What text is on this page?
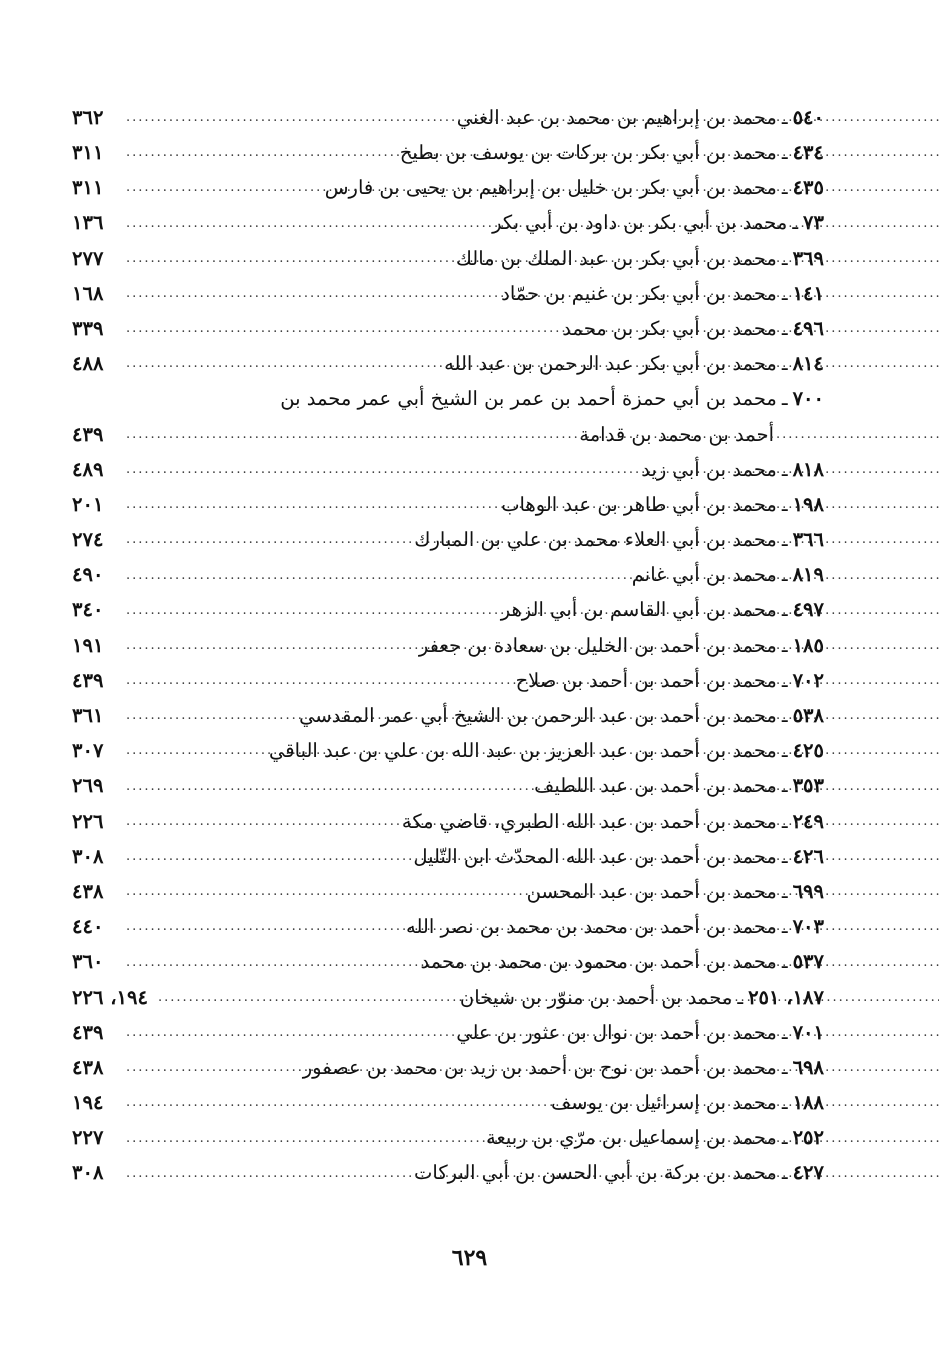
٥٤٠
ـ
محمد بن إبراهيم بن محمد بن عبد الغني
.....
٣٦٢
٤٣٤
ـ
محمد بن أبي بكر بن بركات بن يوسف بن بطيخ
.....
٣١١
٤٣٥
ـ
محمد بن أبي بكر بن خليل بن إبراهيم بن يحيى بن فارس
.....
٣١١
٧٣
ـ
محمد بن أبي بكر بن داود بن أبي بكر
.....
١٣٦
٣٦٩
ـ
محمد بن أبي بكر بن عبد الملك بن مالك
.....
٢٧٧
١٤١
ـ
محمد بن أبي بكر بن غنيم بن حمّاد
.....
١٦٨
٤٩٦
ـ
محمد بن أبي بكر بن محمد
.....
٣٣٩
٨١٤
ـ
محمد بن أبي بكر عبد الرحمن بن عبد الله
.....
٤٨٨
٧٠٠
ـ
محمد بن أبي حمزة أحمد بن عمر بن الشيخ أبي عمر محمد بن
أحمد بن محمد بن قدامة
.....
٤٣٩
٨١٨
ـ
محمد بن أبي زيد
.....
٤٨٩
١٩٨
ـ
محمد بن أبي طاهر بن عبد الوهاب
.....
٢٠١
٣٦٦
ـ
محمد بن أبي العلاء محمد بن علي بن المبارك
.....
٢٧٤
٨١٩
ـ
محمد بن أبي غانم
.....
٤٩٠
٤٩٧
ـ
محمد بن أبي القاسم بن أبي الزهر
.....
٣٤٠
١٨٥
ـ
محمد بن أحمد بن الخليل بن سعادة بن جعفر
.....
١٩١
٧٠٢
ـ
محمد بن أحمد بن أحمد بن صلاح
.....
٤٣٩
٥٣٨
ـ
محمد بن أحمد بن عبد الرحمن بن الشيخ أبي عمر المقدسي
.....
٣٦١
٤٢٥
ـ
محمد بن أحمد بن عبد العزيز بن عبد الله بن علي بن عبد الباقي
.....
٣٠٧
٣٥٣
ـ
محمد بن أحمد بن عبد اللطيف
.....
٢٦٩
٢٤٩
ـ
محمد بن أحمد بن عبد الله الطبري، قاضي مكة
.....
٢٢٦
٤٢٦
ـ
محمد بن أحمد بن عبد الله المحدّث ابن التّليل
.....
٣٠٨
٦٩٩
ـ
محمد بن أحمد بن عبد المحسن
.....
٤٣٨
٧٠٣
ـ
محمد بن أحمد بن محمد بن محمد بن نصر الله
.....
٤٤٠
٥٣٧
ـ
محمد بن أحمد بن محمود بن محمد بن محمد
.....
٣٦٠
١٨٧، ٢٥١
ـ
محمد بن أحمد بن منوّر بن شيخان
.....
١٩٤، ٢٢٦
٧٠١
ـ
محمد بن أحمد بن نوال بن عثور بن علي
.....
٤٣٩
٦٩٨
ـ
محمد بن أحمد بن نوح بن أحمد بن زيد بن محمد بن عصفور
.....
٤٣٨
١٨٨
ـ
محمد بن إسرائيل بن يوسف
.....
١٩٤
٢٥٢
ـ
محمد بن إسماعيل بن مرّي بن ربيعة
.....
٢٢٧
٤٢٧
ـ
محمد بن بركة بن أبي الحسن بن أبي البركات
.....
٣٠٨
٦٢٩
